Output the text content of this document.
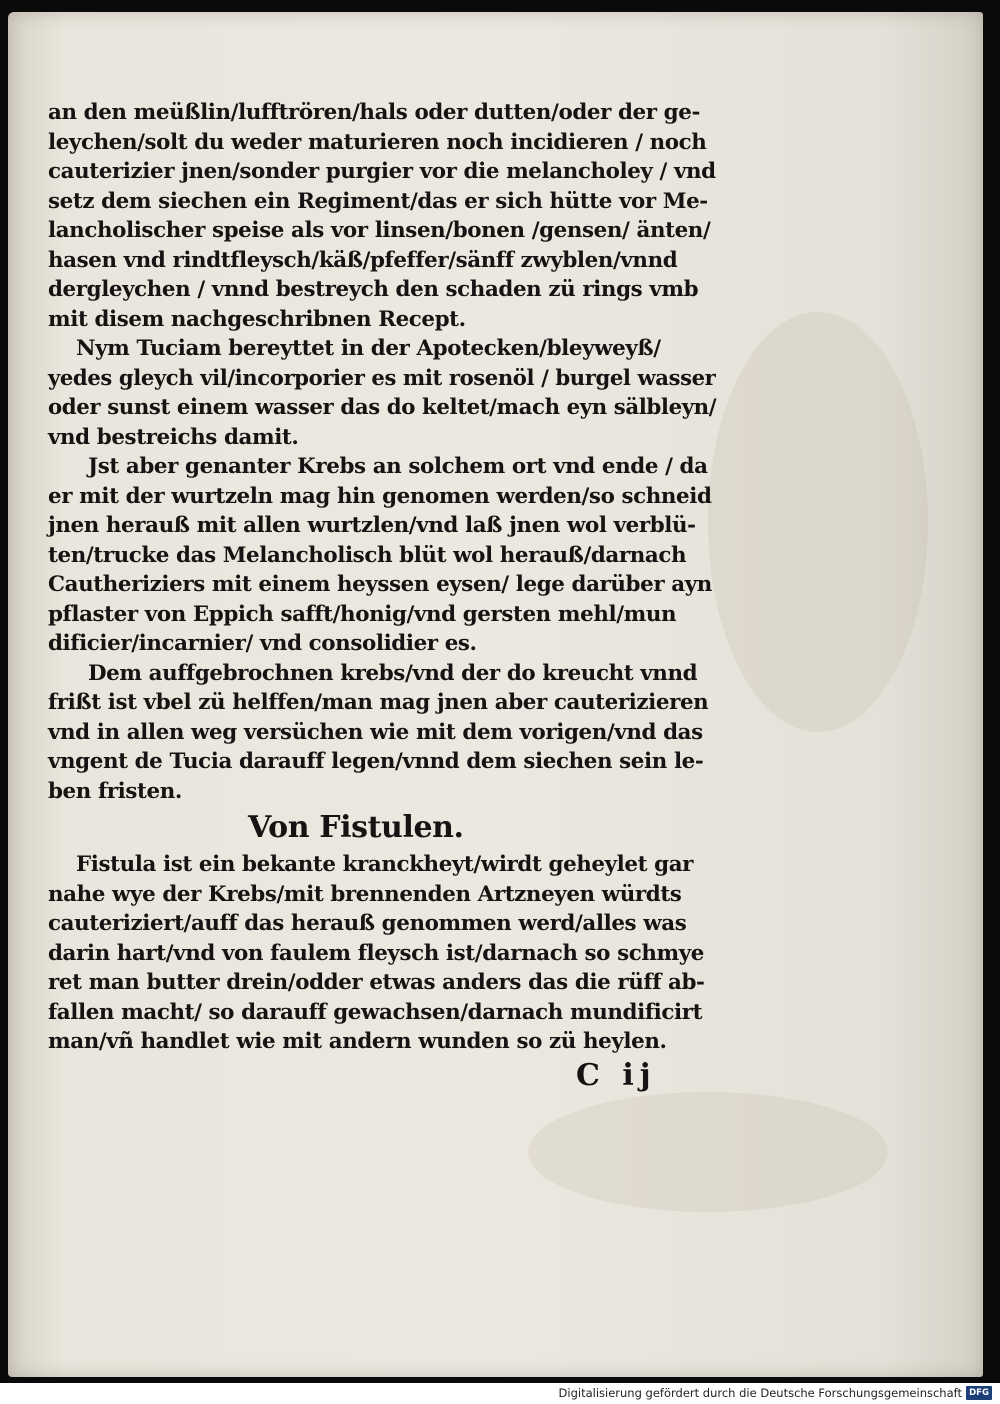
an den meüßlin/lufftrören/hals oder dutten/oder der ge-
leychen/solt du weder maturieren noch incidieren / noch
cauterizier jnen/sonder purgier vor die melancholey / vnd
setz dem siechen ein Regiment/das er sich hütte vor Me-
lancholischer speise als vor linsen/bonen /gensen/ änten/
hasen vnd rindtfleysch/käß/pfeffer/sänff zwyblen/vnnd
dergleychen / vnnd bestreych den schaden zü rings vmb
mit disem nachgeschribnen Recept.
Nym Tuciam bereyttet in der Apotecken/bleyweyß/
yedes gleych vil/incorporier es mit rosenöl / burgel wasser
oder sunst einem wasser das do keltet/mach eyn sälbleyn/
vnd bestreichs damit.
Jst aber genanter Krebs an solchem ort vnd ende / da
er mit der wurtzeln mag hin genomen werden/so schneid
jnen herauß mit allen wurtzlen/vnd laß jnen wol verblü-
ten/trucke das Melancholisch blüt wol herauß/darnach
Cautheriziers mit einem heyssen eysen/ lege darüber ayn
pflaster von Eppich safft/honig/vnd gersten mehl/mun
dificier/incarnier/ vnd consolidier es.
Dem auffgebrochnen krebs/vnd der do kreucht vnnd
frißt ist vbel zü helffen/man mag jnen aber cauterizieren
vnd in allen weg versüchen wie mit dem vorigen/vnd das
vngent de Tucia darauff legen/vnnd dem siechen sein le-
ben fristen.
Von Fistulen.
Fistula ist ein bekante kranckheyt/wirdt geheylet gar
nahe wye der Krebs/mit brennenden Artzneyen würdts
cauteriziert/auff das herauß genommen werd/alles was
darin hart/vnd von faulem fleysch ist/darnach so schmye
ret man butter drein/odder etwas anders das die rüff ab-
fallen macht/ so darauff gewachsen/darnach mundificirt
man/vñ handlet wie mit andern wunden so zü heylen.
C ij
Digitalisierung gefördert durch die Deutsche Forschungsgemeinschaft DFG
